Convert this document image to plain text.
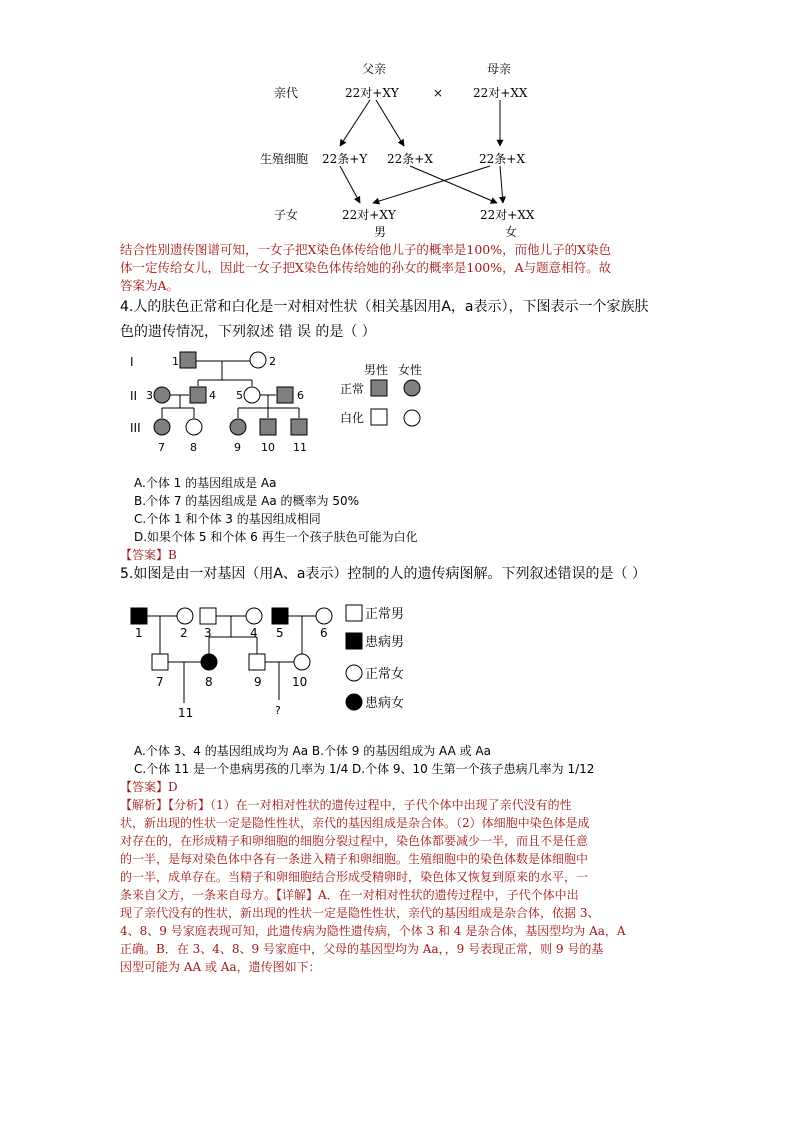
父亲	母亲
亲代	22对+XY	× 22对+XX
生殖细胞 22条+Y 22条+X	22条+X
子女	22对+XY	22对+XX
男	女
结合性别遗传图谱可知，一女子把X染色体传给他儿子的概率是100%，而他儿子的X染色
体一定传给女儿，因此一女子把X染色体传给她的孙女的概率是100%，A与题意相符。故
答案为A。
4.人的肤色正常和白化是一对相对性状（相关基因用A，a表示），下图表示一个家族肤
色的遗传情况，下列叙述 错 误 的是（ ）
I
II
III
1	2
3	4 5	6
7 8	9 10 11
男性 女性
正常
白化
A.个体 1 的基因组成是 Aa
B.个体 7 的基因组成是 Aa 的概率为 50%
C.个体 1 和个体 3 的基因组成相同
D.如果个体 5 和个体 6 再生一个孩子肤色可能为白化
【答案】B
5.如图是由一对基因（用A、a表示）控制的人的遗传病图解。下列叙述错误的是（ ）
1	2 3	4 5	6
7	8	9	10
11	?
正常男
患病男
正常女
患病女
A.个体 3、4 的基因组成均为 Aa B.个体 9 的基因组成为 AA 或 Aa
C.个体 11 是一个患病男孩的几率为 1/4 D.个体 9、10 生第一个孩子患病几率为 1/12
【答案】D
【解析】【分析】（1）在一对相对性状的遗传过程中，子代个体中出现了亲代没有的性
状，新出现的性状一定是隐性性状，亲代的基因组成是杂合体。（2）体细胞中染色体是成
对存在的，在形成精子和卵细胞的细胞分裂过程中，染色体都要减少一半，而且不是任意
的一半，是每对染色体中各有一条进入精子和卵细胞。生殖细胞中的染色体数是体细胞中
的一半，成单存在。当精子和卵细胞结合形成受精卵时，染色体又恢复到原来的水平，一
条来自父方，一条来自母方。【详解】A．在一对相对性状的遗传过程中，子代个体中出
现了亲代没有的性状，新出现的性状一定是隐性性状，亲代的基因组成是杂合体，依据 3、
4、8、9 号家庭表现可知，此遗传病为隐性遗传病，个体 3 和 4 是杂合体，基因型均为 Aa，A
正确。B．在 3、4、8、9 号家庭中，父母的基因型均为 Aa，，9 号表现正常，则 9 号的基
因型可能为 AA 或 Aa，遗传图如下：
